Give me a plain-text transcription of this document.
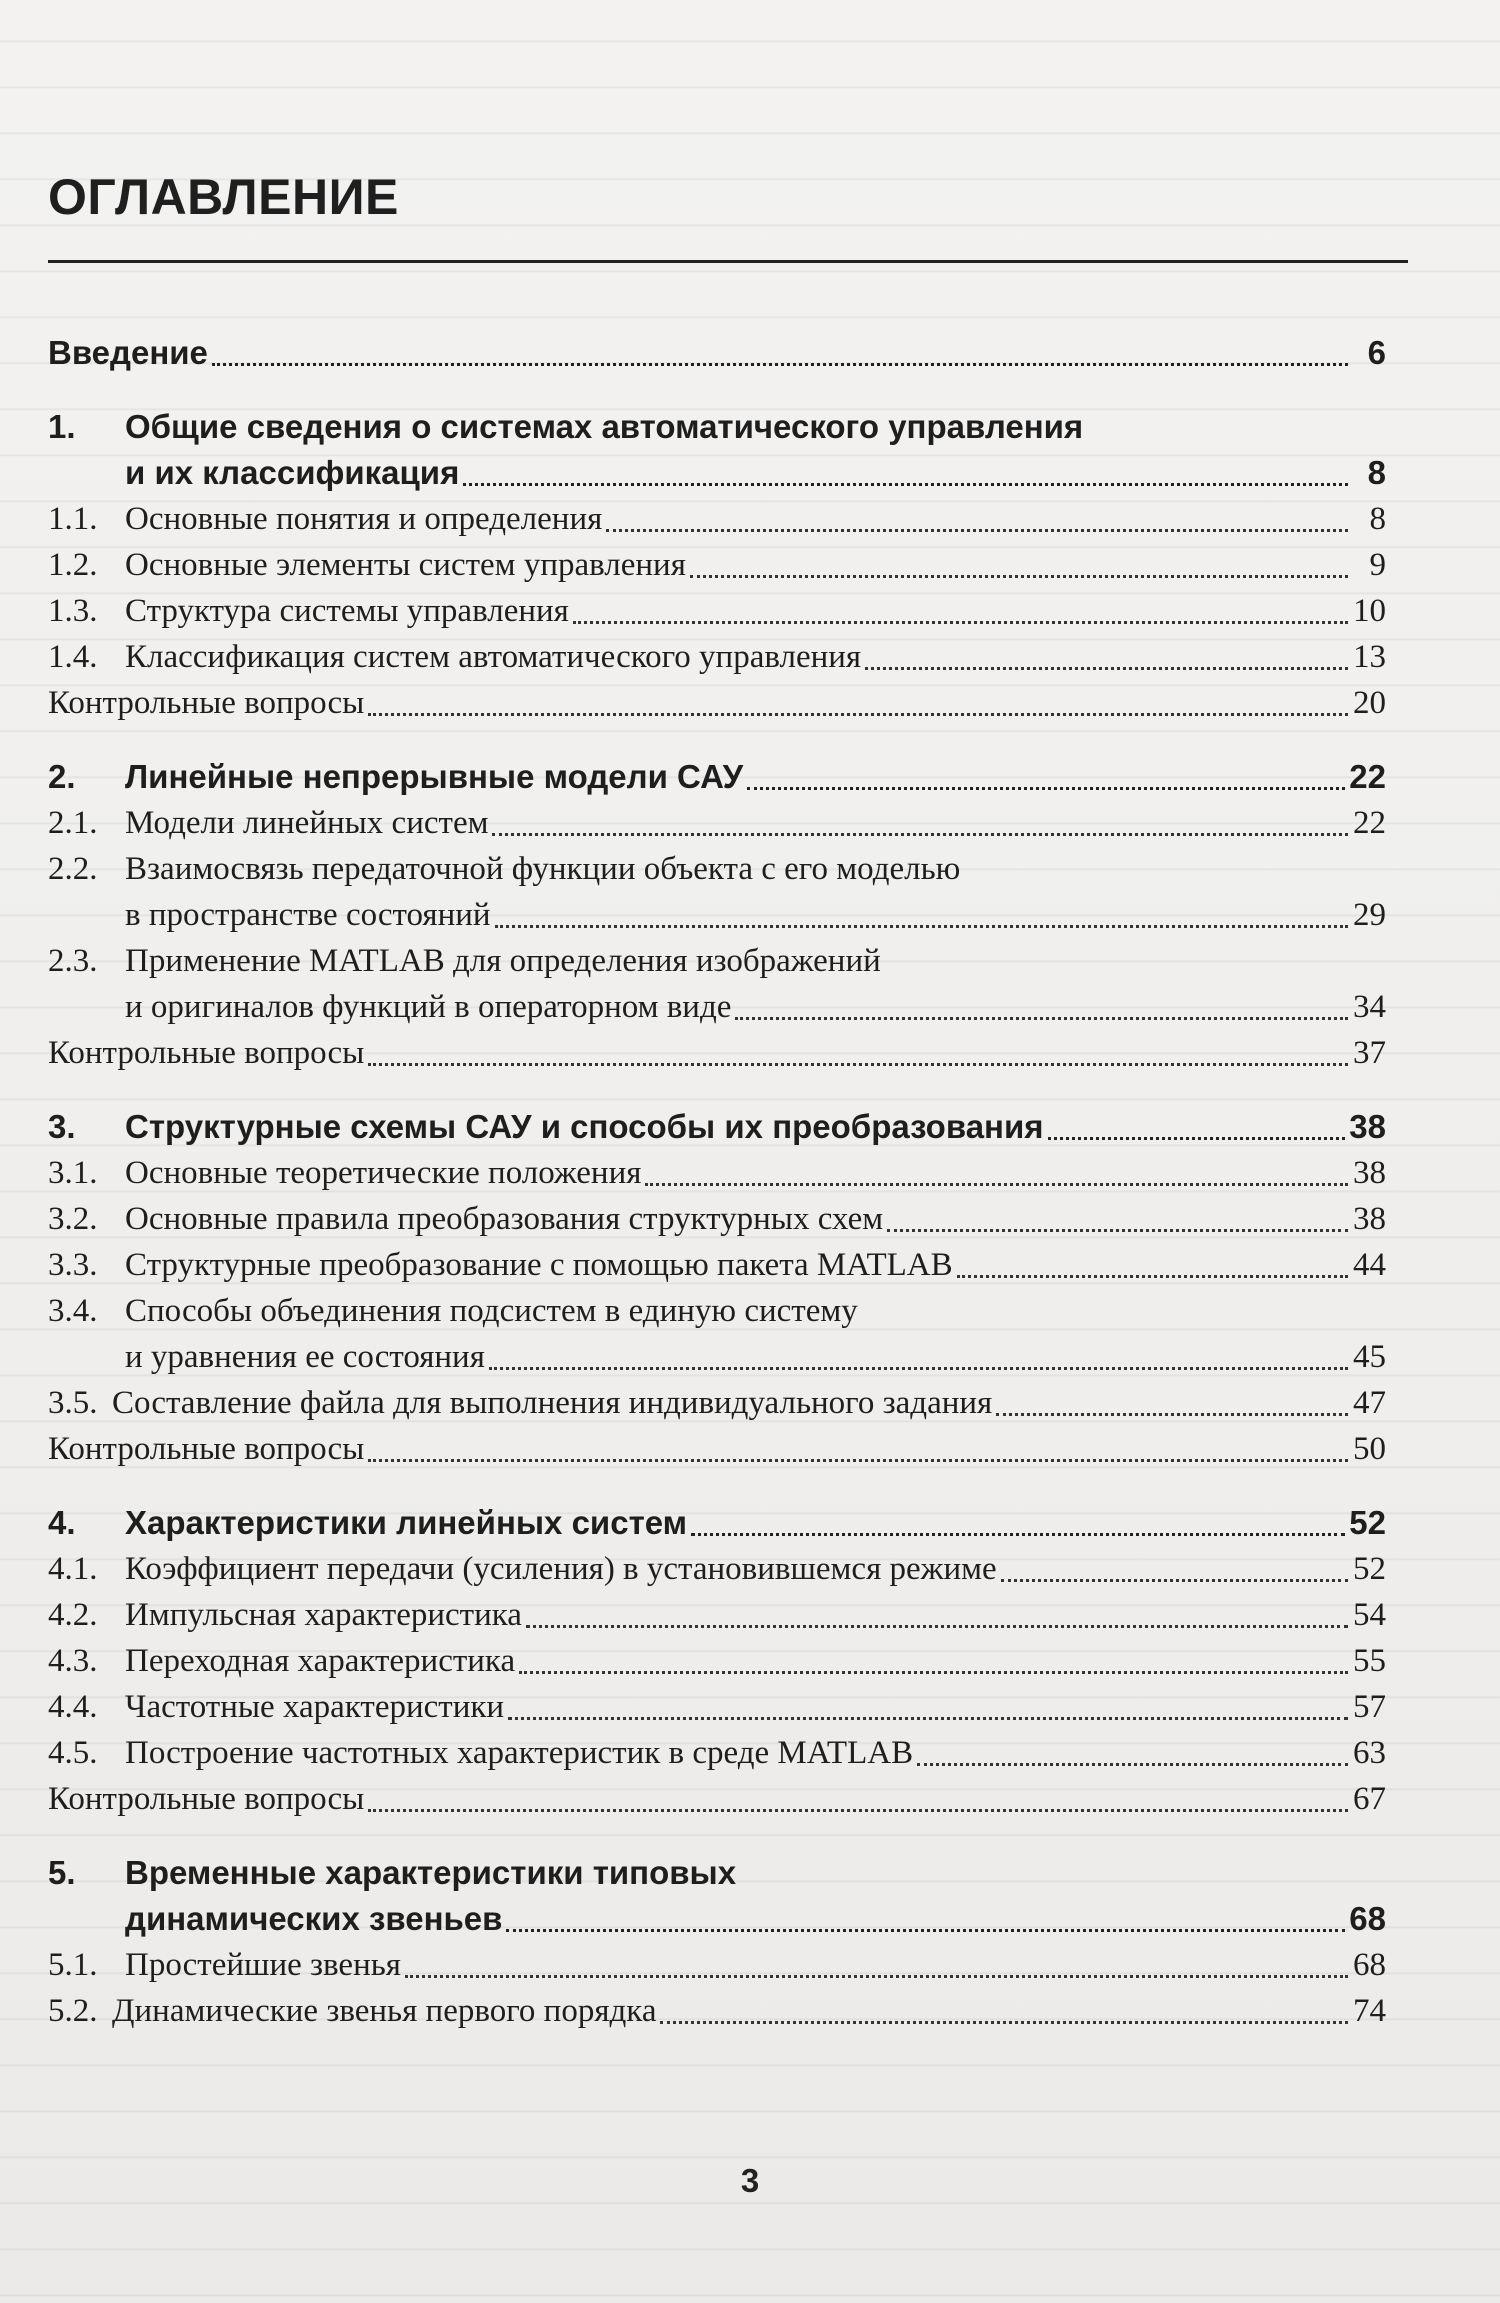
ОГЛАВЛЕНИЕ
Введение	6
1.	Общие сведения о системах автоматического управления
и их классификация	8
1.1. Основные понятия и определения	8
1.2. Основные элементы систем управления	9
1.3. Структура системы управления	10
1.4. Классификация систем автоматического управления	13
Контрольные вопросы	20
2.	Линейные непрерывные модели САУ	22
2.1. Модели линейных систем	22
2.2. Взаимосвязь передаточной функции объекта с его моделью
в пространстве состояний	29
2.3. Применение MATLAB для определения изображений
и оригиналов функций в операторном виде	34
Контрольные вопросы	37
3.	Структурные схемы САУ и способы их преобразования	38
3.1. Основные теоретические положения	38
3.2. Основные правила преобразования структурных схем	38
3.3. Структурные преобразование с помощью пакета MATLAB	44
3.4. Способы объединения подсистем в единую систему
и уравнения ее состояния	45
3.5. Составление файла для выполнения индивидуального задания	47
Контрольные вопросы	50
4.	Характеристики линейных систем	52
4.1. Коэффициент передачи (усиления) в установившемся режиме	52
4.2. Импульсная характеристика	54
4.3. Переходная характеристика	55
4.4. Частотные характеристики	57
4.5. Построение частотных характеристик в среде MATLAB	63
Контрольные вопросы	67
5.	Временные характеристики типовых
динамических звеньев	68
5.1. Простейшие звенья	68
5.2. Динамические звенья первого порядка	74
3
